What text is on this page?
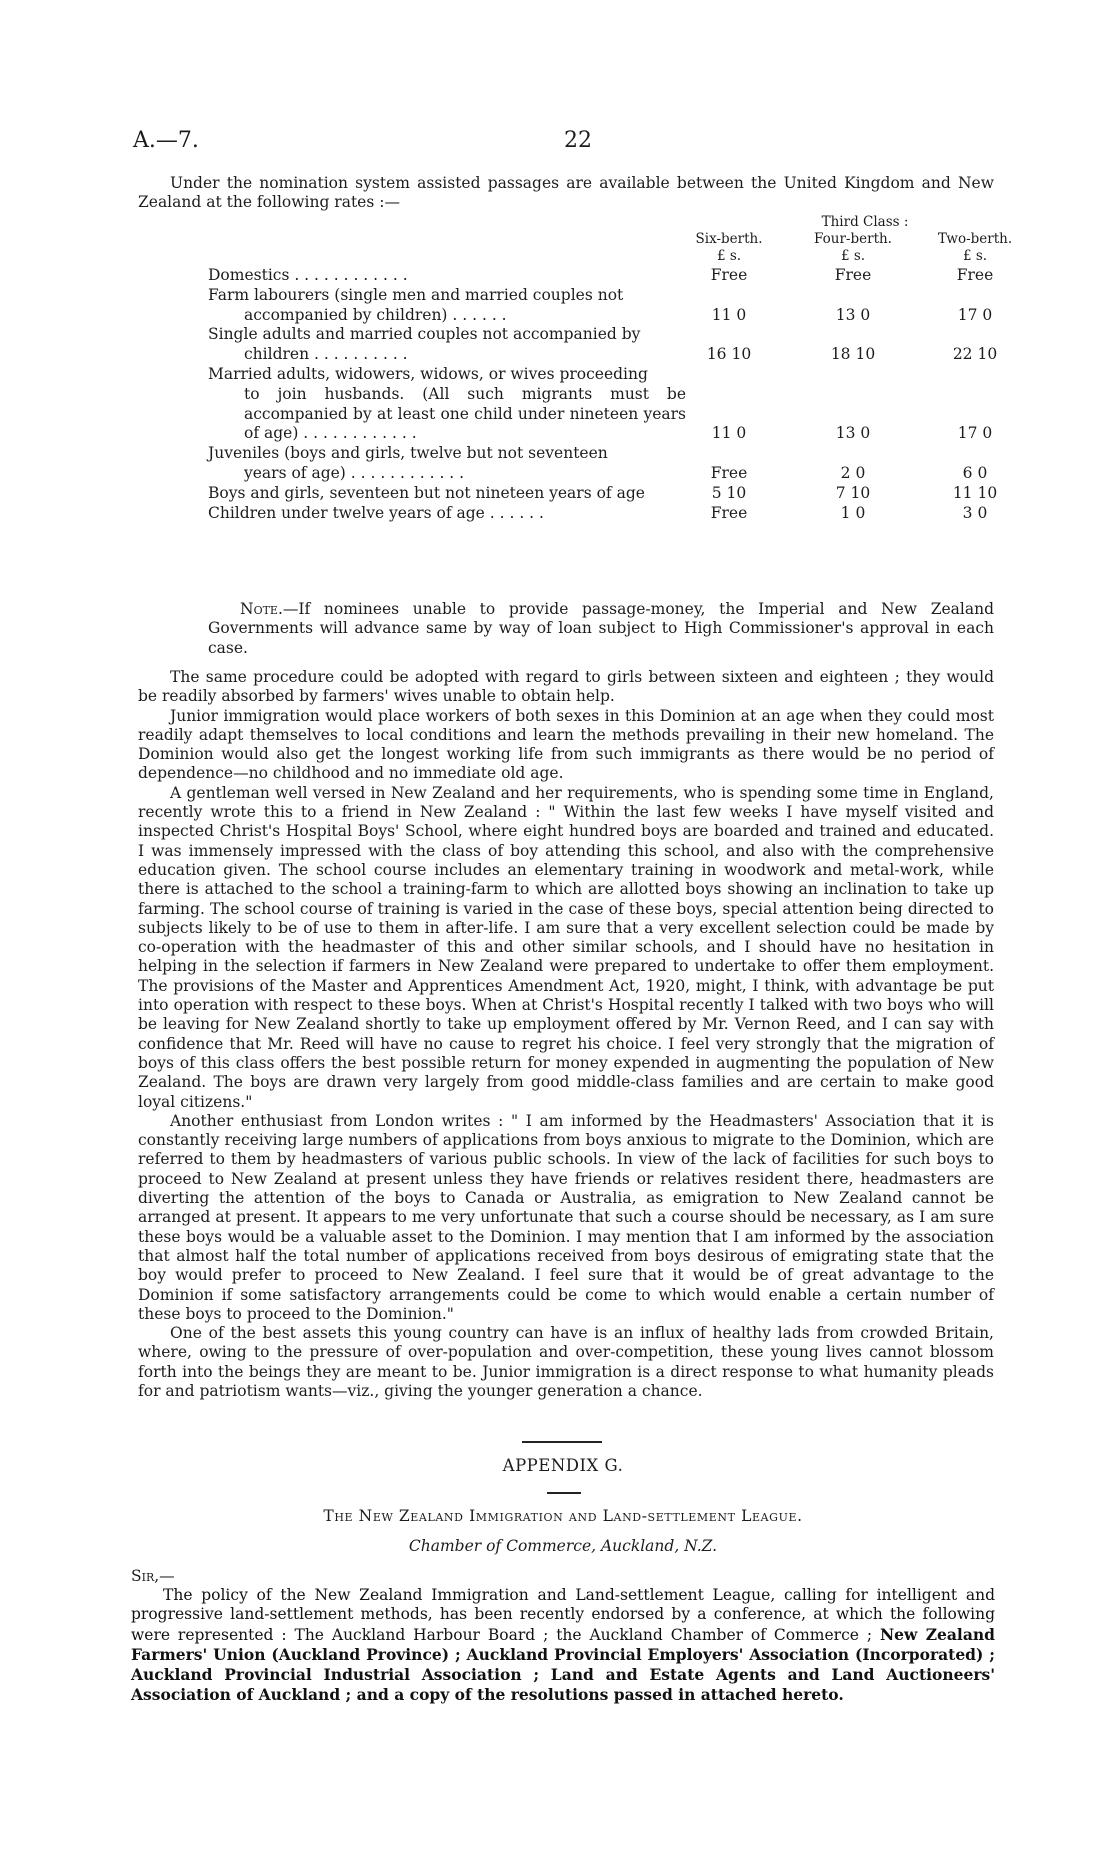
A.—7.	22

Under the nomination system assisted passages are available between the United Kingdom and New Zealand at the following rates :—

Third Class :
Six-berth.	Four-berth.	Two-berth.
£ s.	£ s.	£ s.
Domestics . . . . . . . . . . . .	Free	Free	Free
Farm labourers (single men and married couples not
accompanied by children) . . . . . .	11 0	13 0	17 0
Single adults and married couples not accompanied by
children . . . . . . . . . .	16 10	18 10	22 10
Married adults, widowers, widows, or wives proceeding
to join husbands. (All such migrants must be accompanied by at least one child under nineteen years of age) . . . . . . . . . . . .	11 0	13 0	17 0
Juveniles (boys and girls, twelve but not seventeen
years of age) . . . . . . . . . . . .	Free	2 0	6 0
Boys and girls, seventeen but not nineteen years of age	5 10	7 10	11 10
Children under twelve years of age . . . . . .	Free	1 0	3 0

Note.—If nominees unable to provide passage-money, the Imperial and New Zealand Governments will advance same by way of loan subject to High Commissioner's approval in each case.

The same procedure could be adopted with regard to girls between sixteen and eighteen ; they would be readily absorbed by farmers' wives unable to obtain help.

Junior immigration would place workers of both sexes in this Dominion at an age when they could most readily adapt themselves to local conditions and learn the methods prevailing in their new homeland. The Dominion would also get the longest working life from such immigrants as there would be no period of dependence—no childhood and no immediate old age.

A gentleman well versed in New Zealand and her requirements, who is spending some time in England, recently wrote this to a friend in New Zealand : " Within the last few weeks I have myself visited and inspected Christ's Hospital Boys' School, where eight hundred boys are boarded and trained and educated. I was immensely impressed with the class of boy attending this school, and also with the comprehensive education given. The school course includes an elementary training in woodwork and metal-work, while there is attached to the school a training-farm to which are allotted boys showing an inclination to take up farming. The school course of training is varied in the case of these boys, special attention being directed to subjects likely to be of use to them in after-life. I am sure that a very excellent selection could be made by co-operation with the headmaster of this and other similar schools, and I should have no hesitation in helping in the selection if farmers in New Zealand were prepared to undertake to offer them employment. The provisions of the Master and Apprentices Amendment Act, 1920, might, I think, with advantage be put into operation with respect to these boys. When at Christ's Hospital recently I talked with two boys who will be leaving for New Zealand shortly to take up employment offered by Mr. Vernon Reed, and I can say with confidence that Mr. Reed will have no cause to regret his choice. I feel very strongly that the migration of boys of this class offers the best possible return for money expended in augmenting the population of New Zealand. The boys are drawn very largely from good middle-class families and are certain to make good loyal citizens."

Another enthusiast from London writes : " I am informed by the Headmasters' Association that it is constantly receiving large numbers of applications from boys anxious to migrate to the Dominion, which are referred to them by headmasters of various public schools. In view of the lack of facilities for such boys to proceed to New Zealand at present unless they have friends or relatives resident there, headmasters are diverting the attention of the boys to Canada or Australia, as emigration to New Zealand cannot be arranged at present. It appears to me very unfortunate that such a course should be necessary, as I am sure these boys would be a valuable asset to the Dominion. I may mention that I am informed by the association that almost half the total number of applications received from boys desirous of emigrating state that the boy would prefer to proceed to New Zealand. I feel sure that it would be of great advantage to the Dominion if some satisfactory arrangements could be come to which would enable a certain number of these boys to proceed to the Dominion."

One of the best assets this young country can have is an influx of healthy lads from crowded Britain, where, owing to the pressure of over-population and over-competition, these young lives cannot blossom forth into the beings they are meant to be. Junior immigration is a direct response to what humanity pleads for and patriotism wants—viz., giving the younger generation a chance.

APPENDIX G.
The New Zealand Immigration and Land-settlement League.
Chamber of Commerce, Auckland, N.Z.
Sir,—

The policy of the New Zealand Immigration and Land-settlement League, calling for intelligent and progressive land-settlement methods, has been recently endorsed by a conference, at which the following were represented : The Auckland Harbour Board ; the Auckland Chamber of Commerce ; New Zealand Farmers' Union (Auckland Province) ; Auckland Provincial Employers' Association (Incorporated) ; Auckland Provincial Industrial Association ; Land and Estate Agents and Land Auctioneers' Association of Auckland ; and a copy of the resolutions passed in attached hereto.
